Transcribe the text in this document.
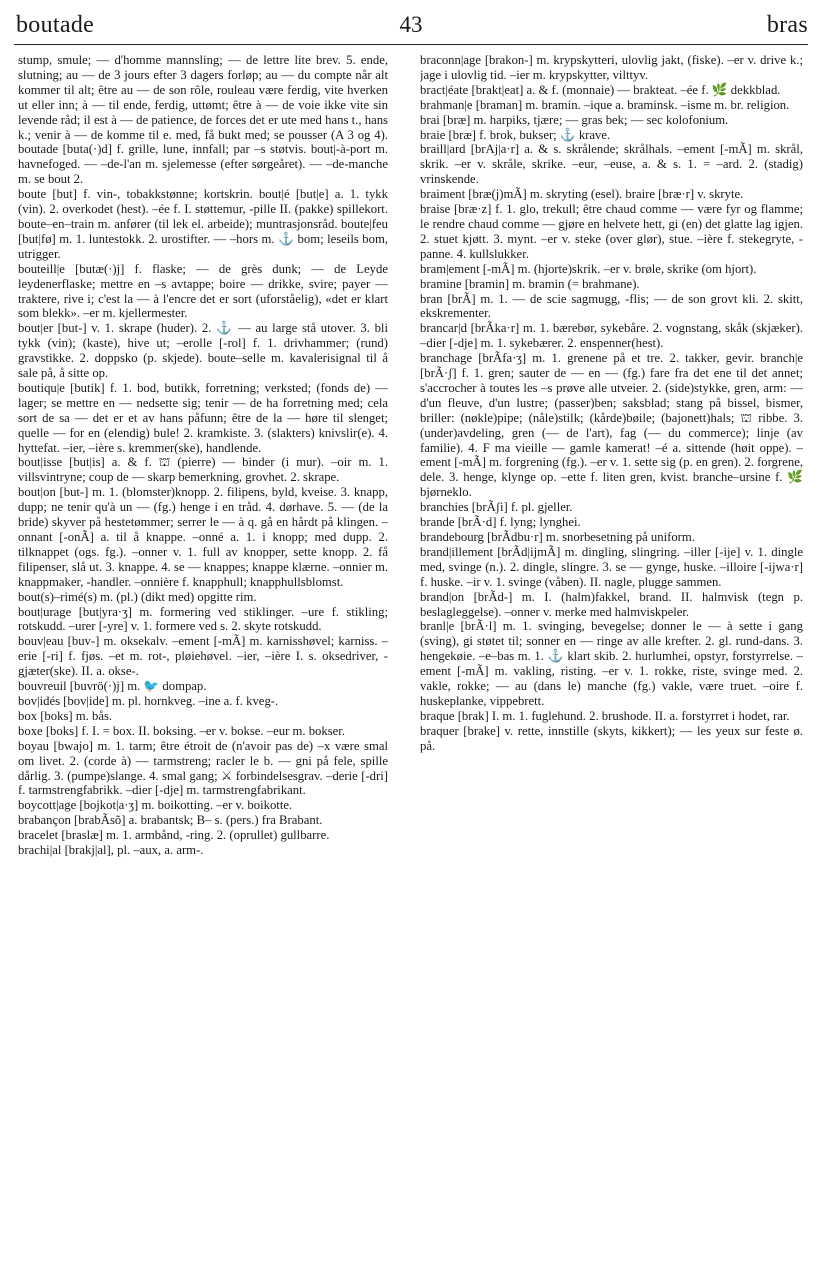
boutade	43	bras

stump, smule; — d'homme mannsling; — de lettre lite brev. 5. ende, slutning; au — de 3 jours efter 3 dagers forløp; au — du compte når alt kommer til alt; être au — de son rôle, rouleau være ferdig, vite hverken ut eller inn; à — til ende, ferdig, uttømt; être à — de voie ikke vite sin levende råd; il est à — de patience, de forces det er ute med hans t., hans k.; venir à — de komme til e. med, få bukt med; se pousser (A 3 og 4). boutade [buta(·)d] f. grille, lune, innfall; par –s støtvis. bout|-à-port m. havnefoged. — –de-l'an m. sjelemesse (efter sørgeåret). — –de-manche m. se bout 2.

boute [but] f. vin-, tobakkstønne; kortskrin. bout|é [but|e] a. 1. tykk (vin). 2. overkodet (hest). –ée f. I. støttemur, -pille II. (pakke) spillekort. boute–en–train m. anfører (til lek el. arbeide); muntrasjonsråd. boute|feu [but|fø] m. 1. luntestokk. 2. urostifter. — –hors m. ⚓ bom; leseils bom, utrigger.

bouteill|e [butæ(·)j] f. flaske; — de grès dunk; — de Leyde leydenerflaske; mettre en –s avtappe; boire — drikke, svire; payer — traktere, rive i; c'est la — à l'encre det er sort (uforståelig), «det er klart som blekk». –er m. kjellermester.

bout|er [but-] v. 1. skrape (huder). 2. ⚓ — au large stå utover. 3. bli tykk (vin); (kaste), hive ut; –erolle [-rol] f. 1. drivhammer; (rund) gravstikke. 2. doppsko (p. skjede). boute–selle m. kavalerisignal til å sale på, å sitte op.

boutiqu|e [butik] f. 1. bod, butikk, forretning; verksted; (fonds de) — lager; se mettre en — nedsette sig; tenir — de ha forretning med; cela sort de sa — det er et av hans påfunn; être de la — høre til slenget; quelle — for en (elendig) bule! 2. kramkiste. 3. (slakters) knivslir(e). 4. hyttefat. –ier, –ière s. kremmer(ske), handlende.

bout|isse [but|is] a. & f. ⛫ (pierre) — binder (i mur). –oir m. 1. villsvintryne; coup de — skarp bemerkning, grovhet. 2. skrape.

bout|on [but-] m. 1. (blomster)knopp. 2. filipens, byld, kveise. 3. knapp, dupp; ne tenir qu'à un — (fg.) henge i en tråd. 4. dørhave. 5. — (de la bride) skyver på hestetømmer; serrer le — à q. gå en hårdt på klingen. –onnant [-onÃ] a. til å knappe. –onné a. 1. i knopp; med dupp. 2. tilknappet (ogs. fg.). –onner v. 1. full av knopper, sette knopp. 2. få filipenser, slå ut. 3. knappe. 4. se — knappes; knappe klærne. –onnier m. knappmaker, -handler. –onnière f. knapphull; knapphullsblomst.

bout(s)–rimé(s) m. (pl.) (dikt med) opgitte rim.

bout|urage [but|yra·ʒ] m. formering ved stiklinger. –ure f. stikling; rotskudd. –urer [-yre] v. 1. formere ved s. 2. skyte rotskudd.

bouv|eau [buv-] m. oksekalv. –ement [-mÃ] m. karnisshøvel; karniss. –erie [-ri] f. fjøs. –et m. rot-, pløiehøvel. –ier, –ière I. s. oksedriver, -gjæter(ske). II. a. okse-.

bouvreuil [buvrö(·)j] m. 🐦 dompap.

bov|idés [bov|ide] m. pl. hornkveg. –ine a. f. kveg-.

box [boks] m. bås.

boxe [boks] f. I. = box. II. boksing. –er v. bokse. –eur m. bokser.

boyau [bwajo] m. 1. tarm; être étroit de (n'avoir pas de) –x være smal om livet. 2. (corde à) — tarmstreng; racler le b. — gni på fele, spille dårlig. 3. (pumpe)slange. 4. smal gang; ⚔ forbindelsesgrav. –derie [-dri] f. tarmstrengfabrikk. –dier [-dje] m. tarmstrengfabrikant.

boycott|age [bojkot|a·ʒ] m. boikotting. –er v. boikotte.

brabançon [brabÃsõ] a. brabantsk; B– s. (pers.) fra Brabant.

bracelet [braslæ] m. 1. armbånd, -ring. 2. (oprullet) gullbarre.

brachi|al [brakj|al], pl. –aux, a. arm-.

braconn|age [brakon-] m. krypskytteri, ulovlig jakt, (fiske). –er v. drive k.; jage i ulovlig tid. –ier m. krypskytter, vilttyv.

bract|éate [brakt|eat] a. & f. (monnaie) — brakteat. –ée f. 🌿 dekkblad.

brahman|e [braman] m. bramin. –ique a. braminsk. –isme m. br. religion.

brai [bræ] m. harpiks, tjære; — gras bek; — sec kolofonium.

braie [bræ] f. brok, bukser; ⚓ krave.

braill|ard [brAj|a·r] a. & s. skrålende; skrålhals. –ement [-mÃ] m. skrål, skrik. –er v. skråle, skrike. –eur, –euse, a. & s. 1. = –ard. 2. (stadig) vrinskende.

braiment [bræ(j)mÃ] m. skryting (esel). braire [bræ·r] v. skryte.

braise [bræ·z] f. 1. glo, trekull; être chaud comme — være fyr og flamme; le rendre chaud comme — gjøre en helvete hett, gi (en) det glatte lag igjen. 2. stuet kjøtt. 3. mynt. –er v. steke (over glør), stue. –ière f. stekegryte, -panne. 4. kullslukker.

bram|ement [-mÃ] m. (hjorte)skrik. –er v. brøle, skrike (om hjort).

bramine [bramin] m. bramin (= brahmane).

bran [brÃ] m. 1. — de scie sagmugg, -flis; — de son grovt kli. 2. skitt, ekskrementer.

brancar|d [brÃka·r] m. 1. bærebør, sykebåre. 2. vognstang, skåk (skjæker). –dier [-dje] m. 1. sykebærer. 2. enspenner(hest).

branchage [brÃfa·ʒ] m. 1. grenene på et tre. 2. takker, gevir. branch|e [brÃ·ʃ] f. 1. gren; sauter de — en — (fg.) fare fra det ene til det annet; s'accrocher à toutes les –s prøve alle utveier. 2. (side)stykke, gren, arm: — d'un fleuve, d'un lustre; (passer)ben; saksblad; stang på bissel, bismer, briller: (nøkle)pipe; (nåle)stilk; (kårde)bøile; (bajonett)hals; ⛫ ribbe. 3. (under)avdeling, gren (— de l'art), fag (— du commerce); linje (av familie). 4. F ma vieille — gamle kamerat! –é a. sittende (høit oppe). –ement [-mÃ] m. forgrening (fg.). –er v. 1. sette sig (p. en gren). 2. forgrene, dele. 3. henge, klynge op. –ette f. liten gren, kvist. branche–ursine f. 🌿 bjørneklo.

branchies [brÃʃi] f. pl. gjeller.

brande [brÃ·d] f. lyng; lynghei.

brandebourg [brÃdbu·r] m. snorbesetning på uniform.

brand|illement [brÃd|ijmÃ] m. dingling, slingring. –iller [-ije] v. 1. dingle med, svinge (n.). 2. dingle, slingre. 3. se — gynge, huske. –illoire [-ijwa·r] f. huske. –ir v. 1. svinge (våben). II. nagle, plugge sammen.

brand|on [brÃd-] m. I. (halm)fakkel, brand. II. halmvisk (tegn p. beslagleggelse). –onner v. merke med halmviskpeler.

branl|e [brÃ·l] m. 1. svinging, bevegelse; donner le — à sette i gang (sving), gi støtet til; sonner en — ringe av alle krefter. 2. gl. rund-dans. 3. hengekøie. –e–bas m. 1. ⚓ klart skib. 2. hurlumhei, opstyr, forstyrrelse. –ement [-mÃ] m. vakling, risting. –er v. 1. rokke, riste, svinge med. 2. vakle, rokke; — au (dans le) manche (fg.) vakle, være truet. –oire f. huskeplanke, vippebrett.

braque [brak] I. m. 1. fuglehund. 2. brushode. II. a. forstyrret i hodet, rar.

braquer [brake] v. rette, innstille (skyts, kikkert); — les yeux sur feste ø. på.
